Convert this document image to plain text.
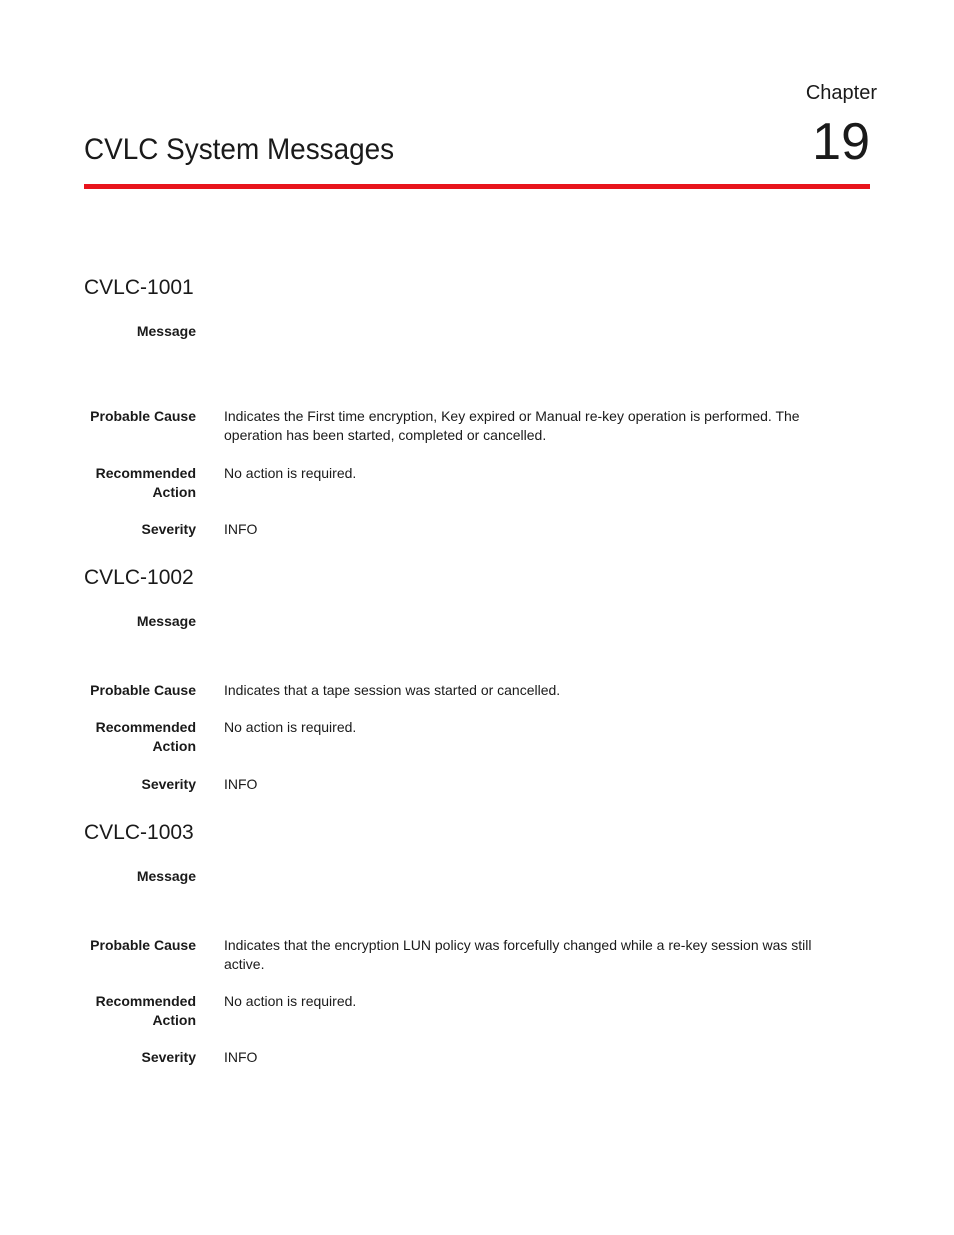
Chapter
19
CVLC System Messages
CVLC-1001
Message
Probable Cause Indicates the First time encryption, Key expired or Manual re-key operation is performed. The
operation has been started, completed or cancelled.
Recommended
Action
No action is required.
Severity INFO
CVLC-1002
Message
Probable Cause Indicates that a tape session was started or cancelled.
Recommended
Action
No action is required.
Severity INFO
CVLC-1003
Message
Probable Cause Indicates that the encryption LUN policy was forcefully changed while a re-key session was still
active.
Recommended
Action
No action is required.
Severity INFO
